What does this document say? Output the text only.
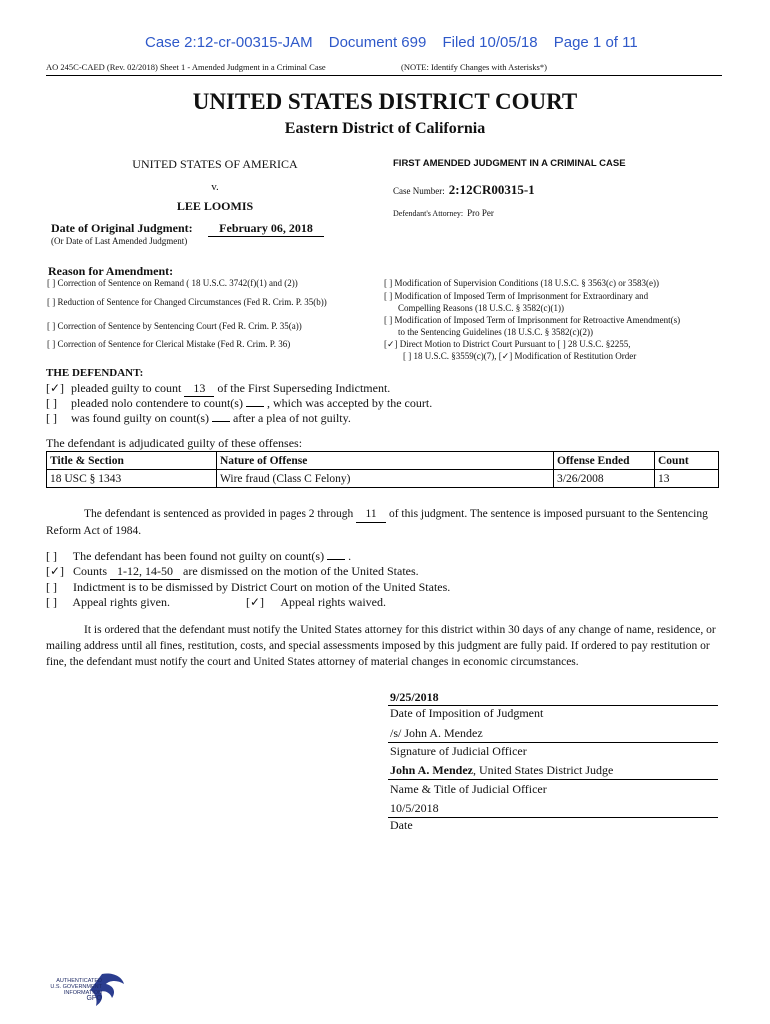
Case 2:12-cr-00315-JAM Document 699 Filed 10/05/18 Page 1 of 11
AO 245C-CAED (Rev. 02/2018) Sheet 1 - Amended Judgment in a Criminal Case	(NOTE: Identify Changes with Asterisks*)
UNITED STATES DISTRICT COURT
Eastern District of California
UNITED STATES OF AMERICA
v.
LEE LOOMIS
FIRST AMENDED JUDGMENT IN A CRIMINAL CASE
Case Number: 2:12CR00315-1
Defendant's Attorney: Pro Per
Date of Original Judgment:	February 06, 2018
(Or Date of Last Amended Judgment)
Reason for Amendment:
[ ] Correction of Sentence on Remand ( 18 U.S.C. 3742(f)(1) and (2))
[ ] Reduction of Sentence for Changed Circumstances (Fed R. Crim. P. 35(b))
[ ] Correction of Sentence by Sentencing Court (Fed R. Crim. P. 35(a))
[ ] Correction of Sentence for Clerical Mistake (Fed R. Crim. P. 36)
[ ] Modification of Supervision Conditions (18 U.S.C. § 3563(c) or 3583(e))
[ ] Modification of Imposed Term of Imprisonment for Extraordinary and
Compelling Reasons (18 U.S.C. § 3582(c)(1))
[ ] Modification of Imposed Term of Imprisonment for Retroactive Amendment(s)
to the Sentencing Guidelines (18 U.S.C. § 3582(c)(2))
[✓] Direct Motion to District Court Pursuant to [ ] 28 U.S.C. §2255,
[ ] 18 U.S.C. §3559(c)(7), [✓] Modification of Restitution Order
THE DEFENDANT:
[✓] pleaded guilty to count 13 of the First Superseding Indictment.
[ ] pleaded nolo contendere to count(s) , which was accepted by the court.
[ ] was found guilty on count(s) after a plea of not guilty.
The defendant is adjudicated guilty of these offenses:
Title & Section	Nature of Offense	Offense Ended	Count
18 USC § 1343	Wire fraud (Class C Felony)	3/26/2008	13
The defendant is sentenced as provided in pages 2 through 11 of this judgment. The sentence is imposed pursuant to the Sentencing Reform Act of 1984.
[ ] The defendant has been found not guilty on count(s) .
[✓] Counts 1-12, 14-50 are dismissed on the motion of the United States.
[ ] Indictment is to be dismissed by District Court on motion of the United States.
[ ] Appeal rights given.	[✓] Appeal rights waived.
It is ordered that the defendant must notify the United States attorney for this district within 30 days of any change of name, residence, or mailing address until all fines, restitution, costs, and special assessments imposed by this judgment are fully paid. If ordered to pay restitution or fine, the defendant must notify the court and United States attorney of material changes in economic circumstances.
9/25/2018
Date of Imposition of Judgment
/s/ John A. Mendez
Signature of Judicial Officer
John A. Mendez, United States District Judge
Name & Title of Judicial Officer
10/5/2018
Date
AUTHENTICATED
U.S. GOVERNMENT
INFORMATION
GPO
